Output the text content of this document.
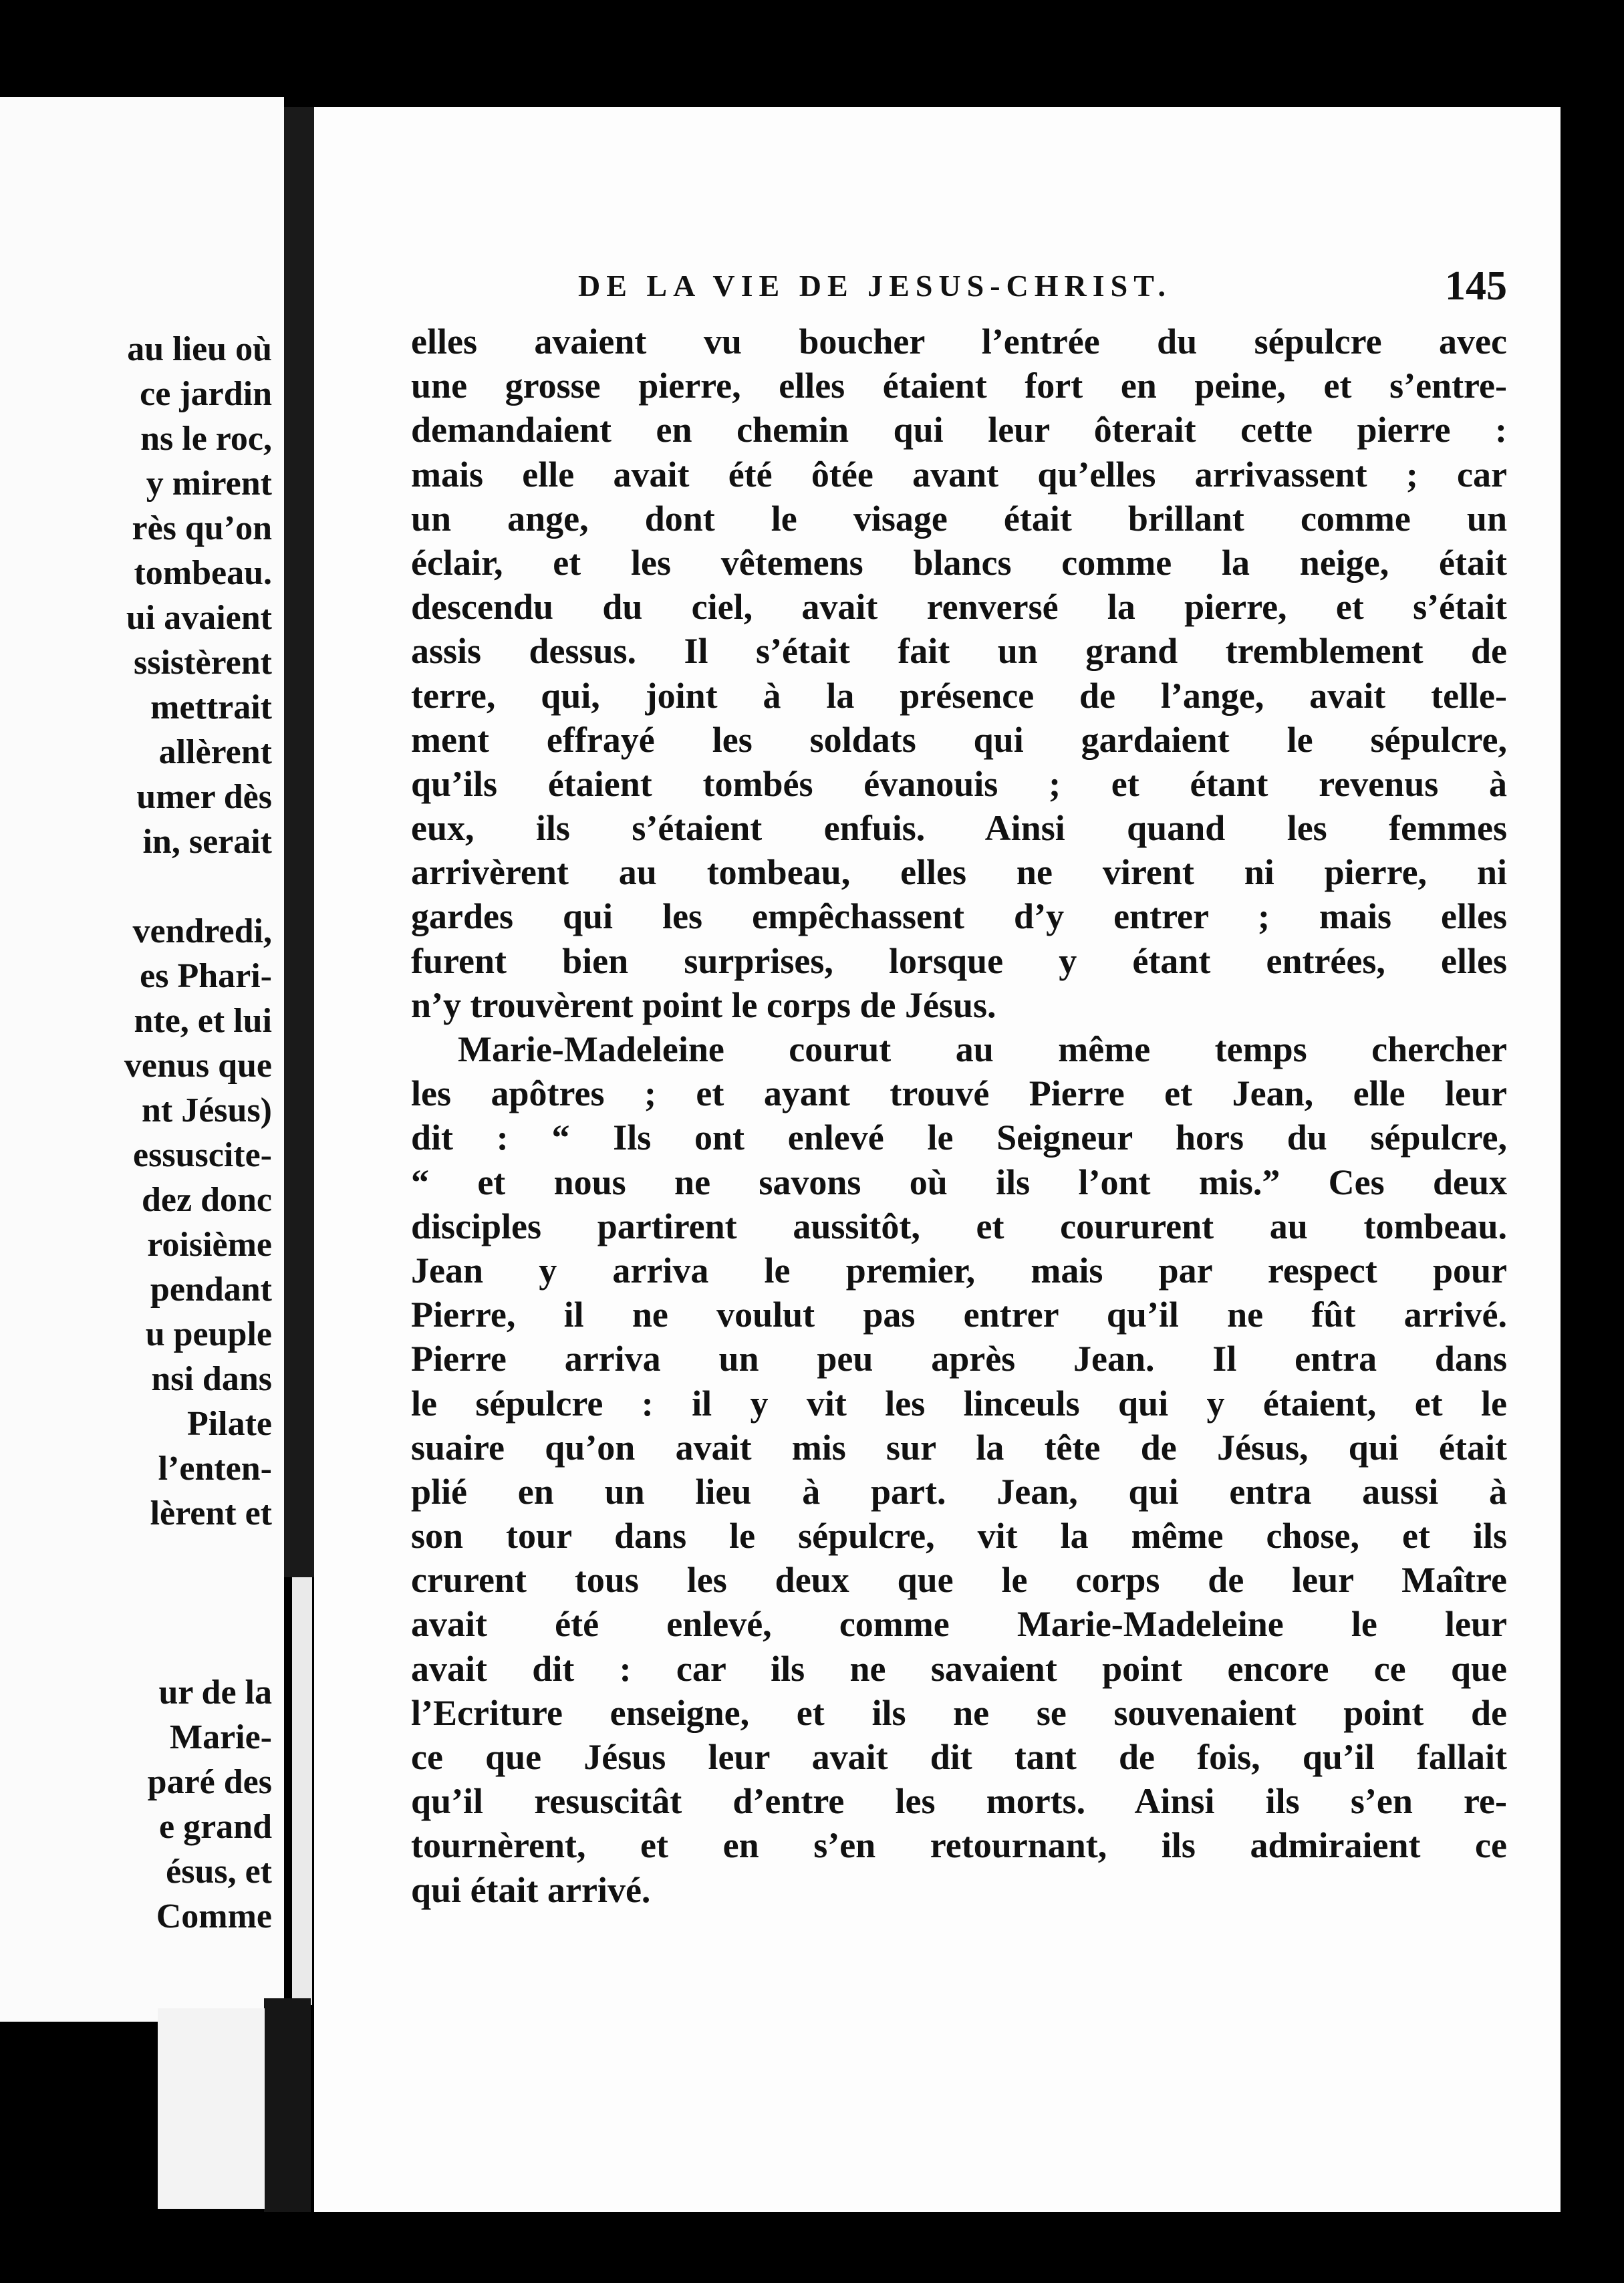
au lieu où
ce jardin
ns le roc,
y mirent
rès qu’on
tombeau.
ui avaient
ssistèrent
mettrait
allèrent
umer dès
in, serait
vendredi,
es Phari-
nte, et lui
venus que
nt Jésus)
essuscite-
dez donc
roisième
pendant
u peuple
nsi dans
Pilate
l’enten-
lèrent et
ur de la
Marie-
paré des
e grand
ésus, et
Comme
DE LA VIE DE JESUS-CHRIST.	145
elles avaient vu boucher l’entrée du sépulcre avec
une grosse pierre, elles étaient fort en peine, et s’entre-
demandaient en chemin qui leur ôterait cette pierre :
mais elle avait été ôtée avant qu’elles arrivassent ; car
un ange, dont le visage était brillant comme un
éclair, et les vêtemens blancs comme la neige, était
descendu du ciel, avait renversé la pierre, et s’était
assis dessus. Il s’était fait un grand tremblement de
terre, qui, joint à la présence de l’ange, avait telle-
ment effrayé les soldats qui gardaient le sépulcre,
qu’ils étaient tombés évanouis ; et étant revenus à
eux, ils s’étaient enfuis. Ainsi quand les femmes
arrivèrent au tombeau, elles ne virent ni pierre, ni
gardes qui les empêchassent d’y entrer ; mais elles
furent bien surprises, lorsque y étant entrées, elles
n’y trouvèrent point le corps de Jésus.
Marie-Madeleine courut au même temps chercher
les apôtres ; et ayant trouvé Pierre et Jean, elle leur
dit : “ Ils ont enlevé le Seigneur hors du sépulcre,
“ et nous ne savons où ils l’ont mis.” Ces deux
disciples partirent aussitôt, et coururent au tombeau.
Jean y arriva le premier, mais par respect pour
Pierre, il ne voulut pas entrer qu’il ne fût arrivé.
Pierre arriva un peu après Jean. Il entra dans
le sépulcre : il y vit les linceuls qui y étaient, et le
suaire qu’on avait mis sur la tête de Jésus, qui était
plié en un lieu à part. Jean, qui entra aussi à
son tour dans le sépulcre, vit la même chose, et ils
crurent tous les deux que le corps de leur Maître
avait été enlevé, comme Marie-Madeleine le leur
avait dit : car ils ne savaient point encore ce que
l’Ecriture enseigne, et ils ne se souvenaient point de
ce que Jésus leur avait dit tant de fois, qu’il fallait
qu’il resuscitât d’entre les morts. Ainsi ils s’en re-
tournèrent, et en s’en retournant, ils admiraient ce
qui était arrivé.
